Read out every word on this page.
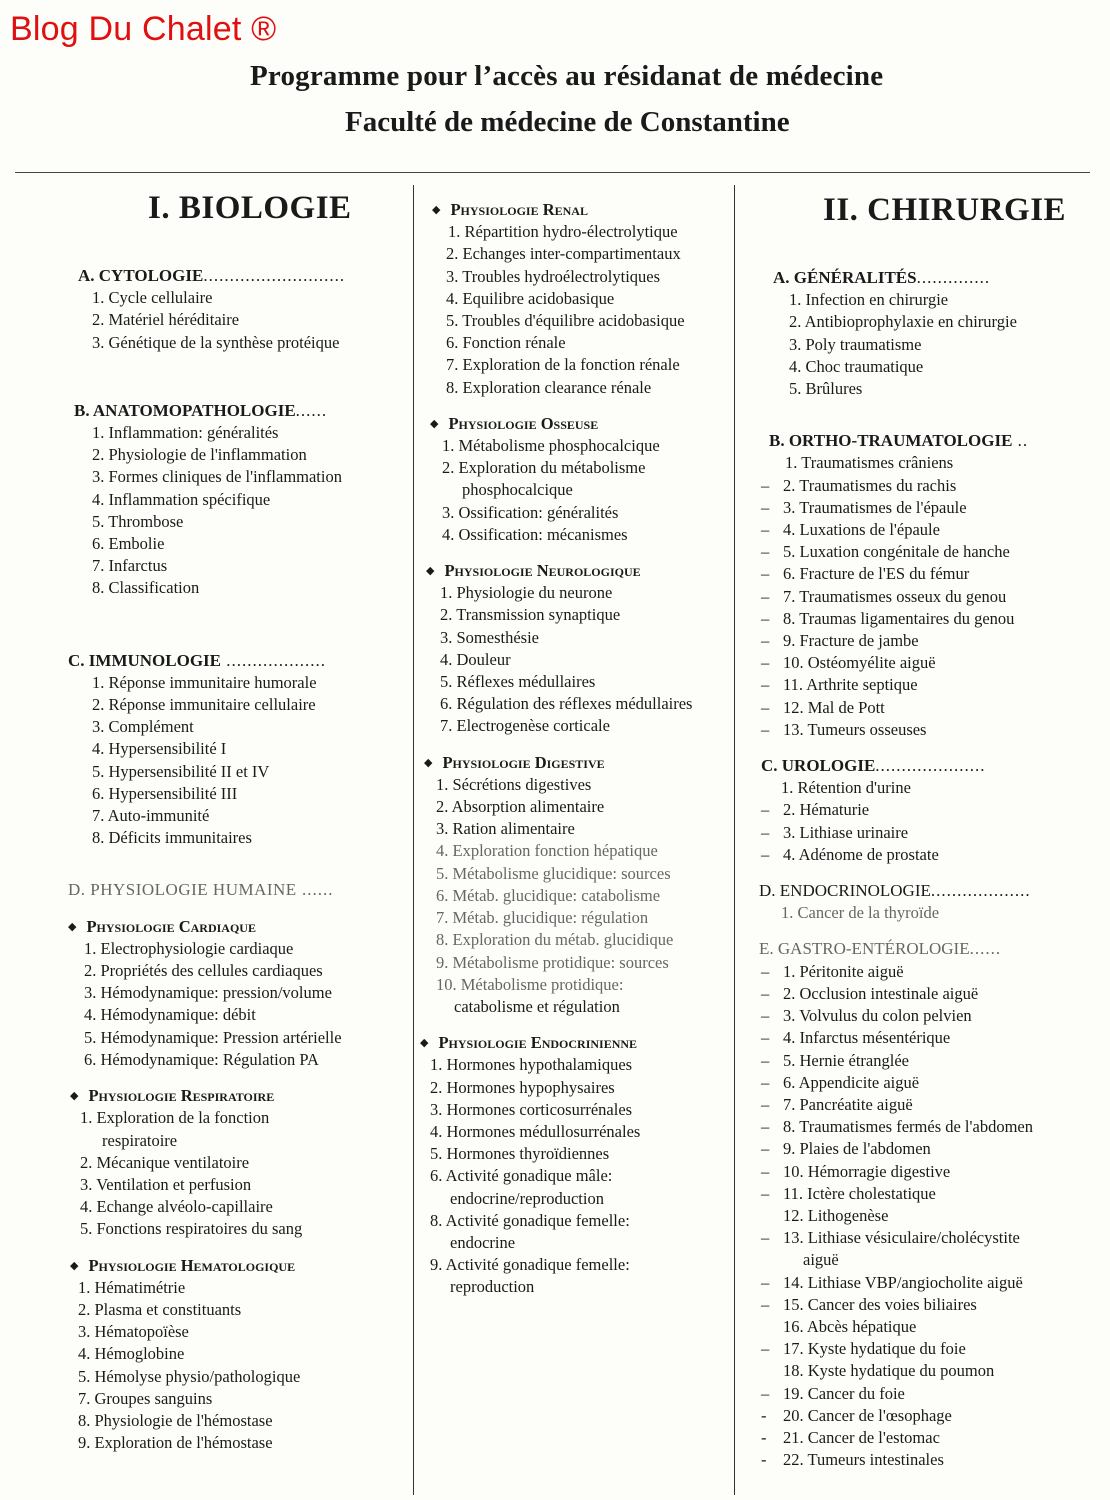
Blog Du Chalet ®
Programme pour l’accès au résidanat de médecine
Faculté de médecine de Constantine
I. BIOLOGIE	II. CHIRURGIE
A. CYTOLOGIE...........................
1. Cycle cellulaire
2. Matériel héréditaire
3. Génétique de la synthèse protéique
B. ANATOMOPATHOLOGIE......
1. Inflammation: généralités
2. Physiologie de l'inflammation
3. Formes cliniques de l'inflammation
4. Inflammation spécifique
5. Thrombose
6. Embolie
7. Infarctus
8. Classification
C. IMMUNOLOGIE ...................
1. Réponse immunitaire humorale
2. Réponse immunitaire cellulaire
3. Complément
4. Hypersensibilité I
5. Hypersensibilité II et IV
6. Hypersensibilité III
7. Auto-immunité
8. Déficits immunitaires
D. PHYSIOLOGIE HUMAINE ......
◆ Physiologie Cardiaque
1. Electrophysiologie cardiaque
2. Propriétés des cellules cardiaques
3. Hémodynamique: pression/volume
4. Hémodynamique: débit
5. Hémodynamique: Pression artérielle
6. Hémodynamique: Régulation PA
◆ Physiologie Respiratoire
1. Exploration de la fonction
respiratoire
2. Mécanique ventilatoire
3. Ventilation et perfusion
4. Echange alvéolo-capillaire
5. Fonctions respiratoires du sang
◆ Physiologie Hematologique
1. Hématimétrie
2. Plasma et constituants
3. Hématopoïèse
4. Hémoglobine
5. Hémolyse physio/pathologique
7. Groupes sanguins
8. Physiologie de l'hémostase
9. Exploration de l'hémostase
◆ Physiologie Renal
1. Répartition hydro-électrolytique
2. Echanges inter-compartimentaux
3. Troubles hydroélectrolytiques
4. Equilibre acidobasique
5. Troubles d'équilibre acidobasique
6. Fonction rénale
7. Exploration de la fonction rénale
8. Exploration clearance rénale
◆ Physiologie Osseuse
1. Métabolisme phosphocalcique
2. Exploration du métabolisme
phosphocalcique
3. Ossification: généralités
4. Ossification: mécanismes
◆ Physiologie Neurologique
1. Physiologie du neurone
2. Transmission synaptique
3. Somesthésie
4. Douleur
5. Réflexes médullaires
6. Régulation des réflexes médullaires
7. Electrogenèse corticale
◆ Physiologie Digestive
1. Sécrétions digestives
2. Absorption alimentaire
3. Ration alimentaire
4. Exploration fonction hépatique
5. Métabolisme glucidique: sources
6. Métab. glucidique: catabolisme
7. Métab. glucidique: régulation
8. Exploration du métab. glucidique
9. Métabolisme protidique: sources
10. Métabolisme protidique:
catabolisme et régulation
◆ Physiologie Endocrinienne
1. Hormones hypothalamiques
2. Hormones hypophysaires
3. Hormones corticosurrénales
4. Hormones médullosurrénales
5. Hormones thyroïdiennes
6. Activité gonadique mâle:
endocrine/reproduction
8. Activité gonadique femelle:
endocrine
9. Activité gonadique femelle:
reproduction
A. GÉNÉRALITÉS..............
1. Infection en chirurgie
2. Antibioprophylaxie en chirurgie
3. Poly traumatisme
4. Choc traumatique
5. Brûlures
B. ORTHO-TRAUMATOLOGIE ..
1. Traumatismes crâniens
– 2. Traumatismes du rachis
– 3. Traumatismes de l'épaule
– 4. Luxations de l'épaule
– 5. Luxation congénitale de hanche
– 6. Fracture de l'ES du fémur
– 7. Traumatismes osseux du genou
– 8. Traumas ligamentaires du genou
– 9. Fracture de jambe
– 10. Ostéomyélite aiguë
– 11. Arthrite septique
– 12. Mal de Pott
– 13. Tumeurs osseuses
C. UROLOGIE.....................
1. Rétention d'urine
– 2. Hématurie
– 3. Lithiase urinaire
– 4. Adénome de prostate
D. ENDOCRINOLOGIE...................
1. Cancer de la thyroïde
E. GASTRO-ENTÉROLOGIE......
– 1. Péritonite aiguë
– 2. Occlusion intestinale aiguë
– 3. Volvulus du colon pelvien
– 4. Infarctus mésentérique
– 5. Hernie étranglée
– 6. Appendicite aiguë
– 7. Pancréatite aiguë
– 8. Traumatismes fermés de l'abdomen
– 9. Plaies de l'abdomen
– 10. Hémorragie digestive
– 11. Ictère cholestatique
12. Lithogenèse
– 13. Lithiase vésiculaire/cholécystite
aiguë
– 14. Lithiase VBP/angiocholite aiguë
– 15. Cancer des voies biliaires
16. Abcès hépatique
– 17. Kyste hydatique du foie
18. Kyste hydatique du poumon
– 19. Cancer du foie
- 20. Cancer de l'œsophage
- 21. Cancer de l'estomac
- 22. Tumeurs intestinales
